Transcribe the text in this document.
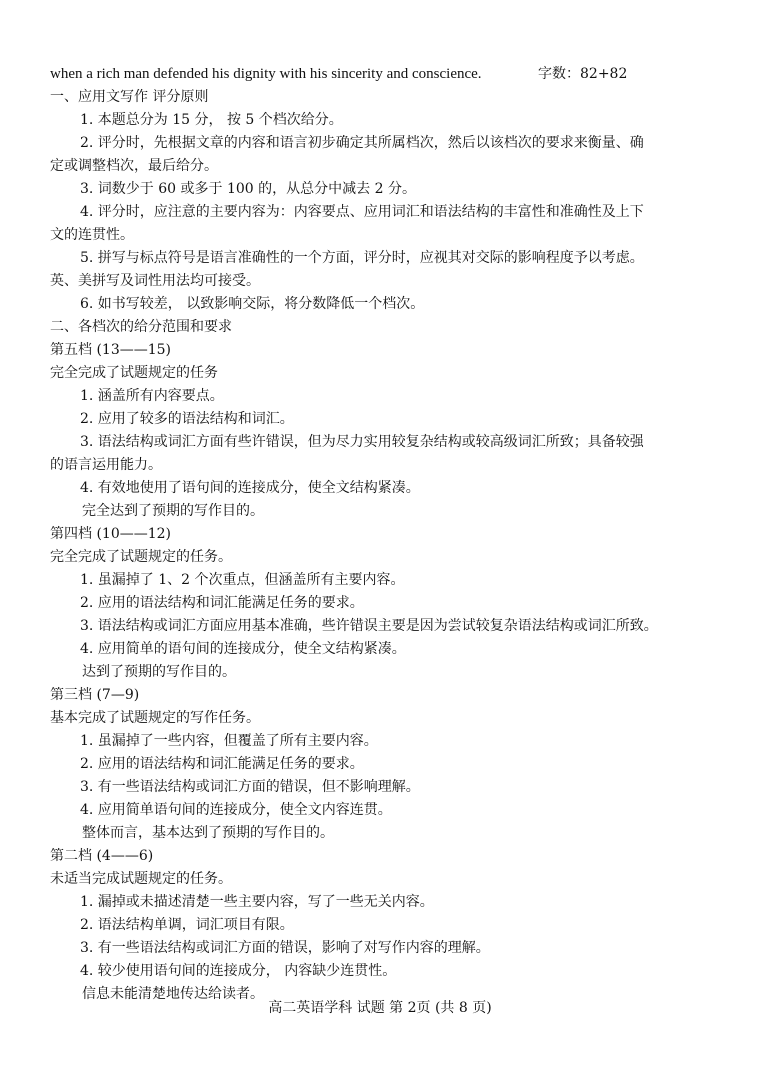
when a rich man defended his dignity with his sincerity and conscience.	字数：82+82
一、应用文写作 评分原则
1. 本题总分为 15 分， 按 5 个档次给分。
2. 评分时，先根据文章的内容和语言初步确定其所属档次，然后以该档次的要求来衡量、确
定或调整档次，最后给分。
3. 词数少于 60 或多于 100 的，从总分中减去 2 分。
4. 评分时，应注意的主要内容为：内容要点、应用词汇和语法结构的丰富性和准确性及上下
文的连贯性。
5. 拼写与标点符号是语言准确性的一个方面，评分时，应视其对交际的影响程度予以考虑。
英、美拼写及词性用法均可接受。
6. 如书写较差， 以致影响交际，将分数降低一个档次。
二、各档次的给分范围和要求
第五档 (13——15)
完全完成了试题规定的任务
1. 涵盖所有内容要点。
2. 应用了较多的语法结构和词汇。
3. 语法结构或词汇方面有些许错误，但为尽力实用较复杂结构或较高级词汇所致；具备较强
的语言运用能力。
4. 有效地使用了语句间的连接成分，使全文结构紧凑。
完全达到了预期的写作目的。
第四档 (10——12)
完全完成了试题规定的任务。
1. 虽漏掉了 1、2 个次重点，但涵盖所有主要内容。
2. 应用的语法结构和词汇能满足任务的要求。
3. 语法结构或词汇方面应用基本准确，些许错误主要是因为尝试较复杂语法结构或词汇所致。
4. 应用简单的语句间的连接成分，使全文结构紧凑。
达到了预期的写作目的。
第三档 (7—9)
基本完成了试题规定的写作任务。
1. 虽漏掉了一些内容，但覆盖了所有主要内容。
2. 应用的语法结构和词汇能满足任务的要求。
3. 有一些语法结构或词汇方面的错误，但不影响理解。
4. 应用简单语句间的连接成分，使全文内容连贯。
整体而言，基本达到了预期的写作目的。
第二档 (4——6)
未适当完成试题规定的任务。
1. 漏掉或未描述清楚一些主要内容，写了一些无关内容。
2. 语法结构单调，词汇项目有限。
3. 有一些语法结构或词汇方面的错误，影响了对写作内容的理解。
4. 较少使用语句间的连接成分， 内容缺少连贯性。
信息未能清楚地传达给读者。
高二英语学科 试题 第 2页 (共 8 页)
